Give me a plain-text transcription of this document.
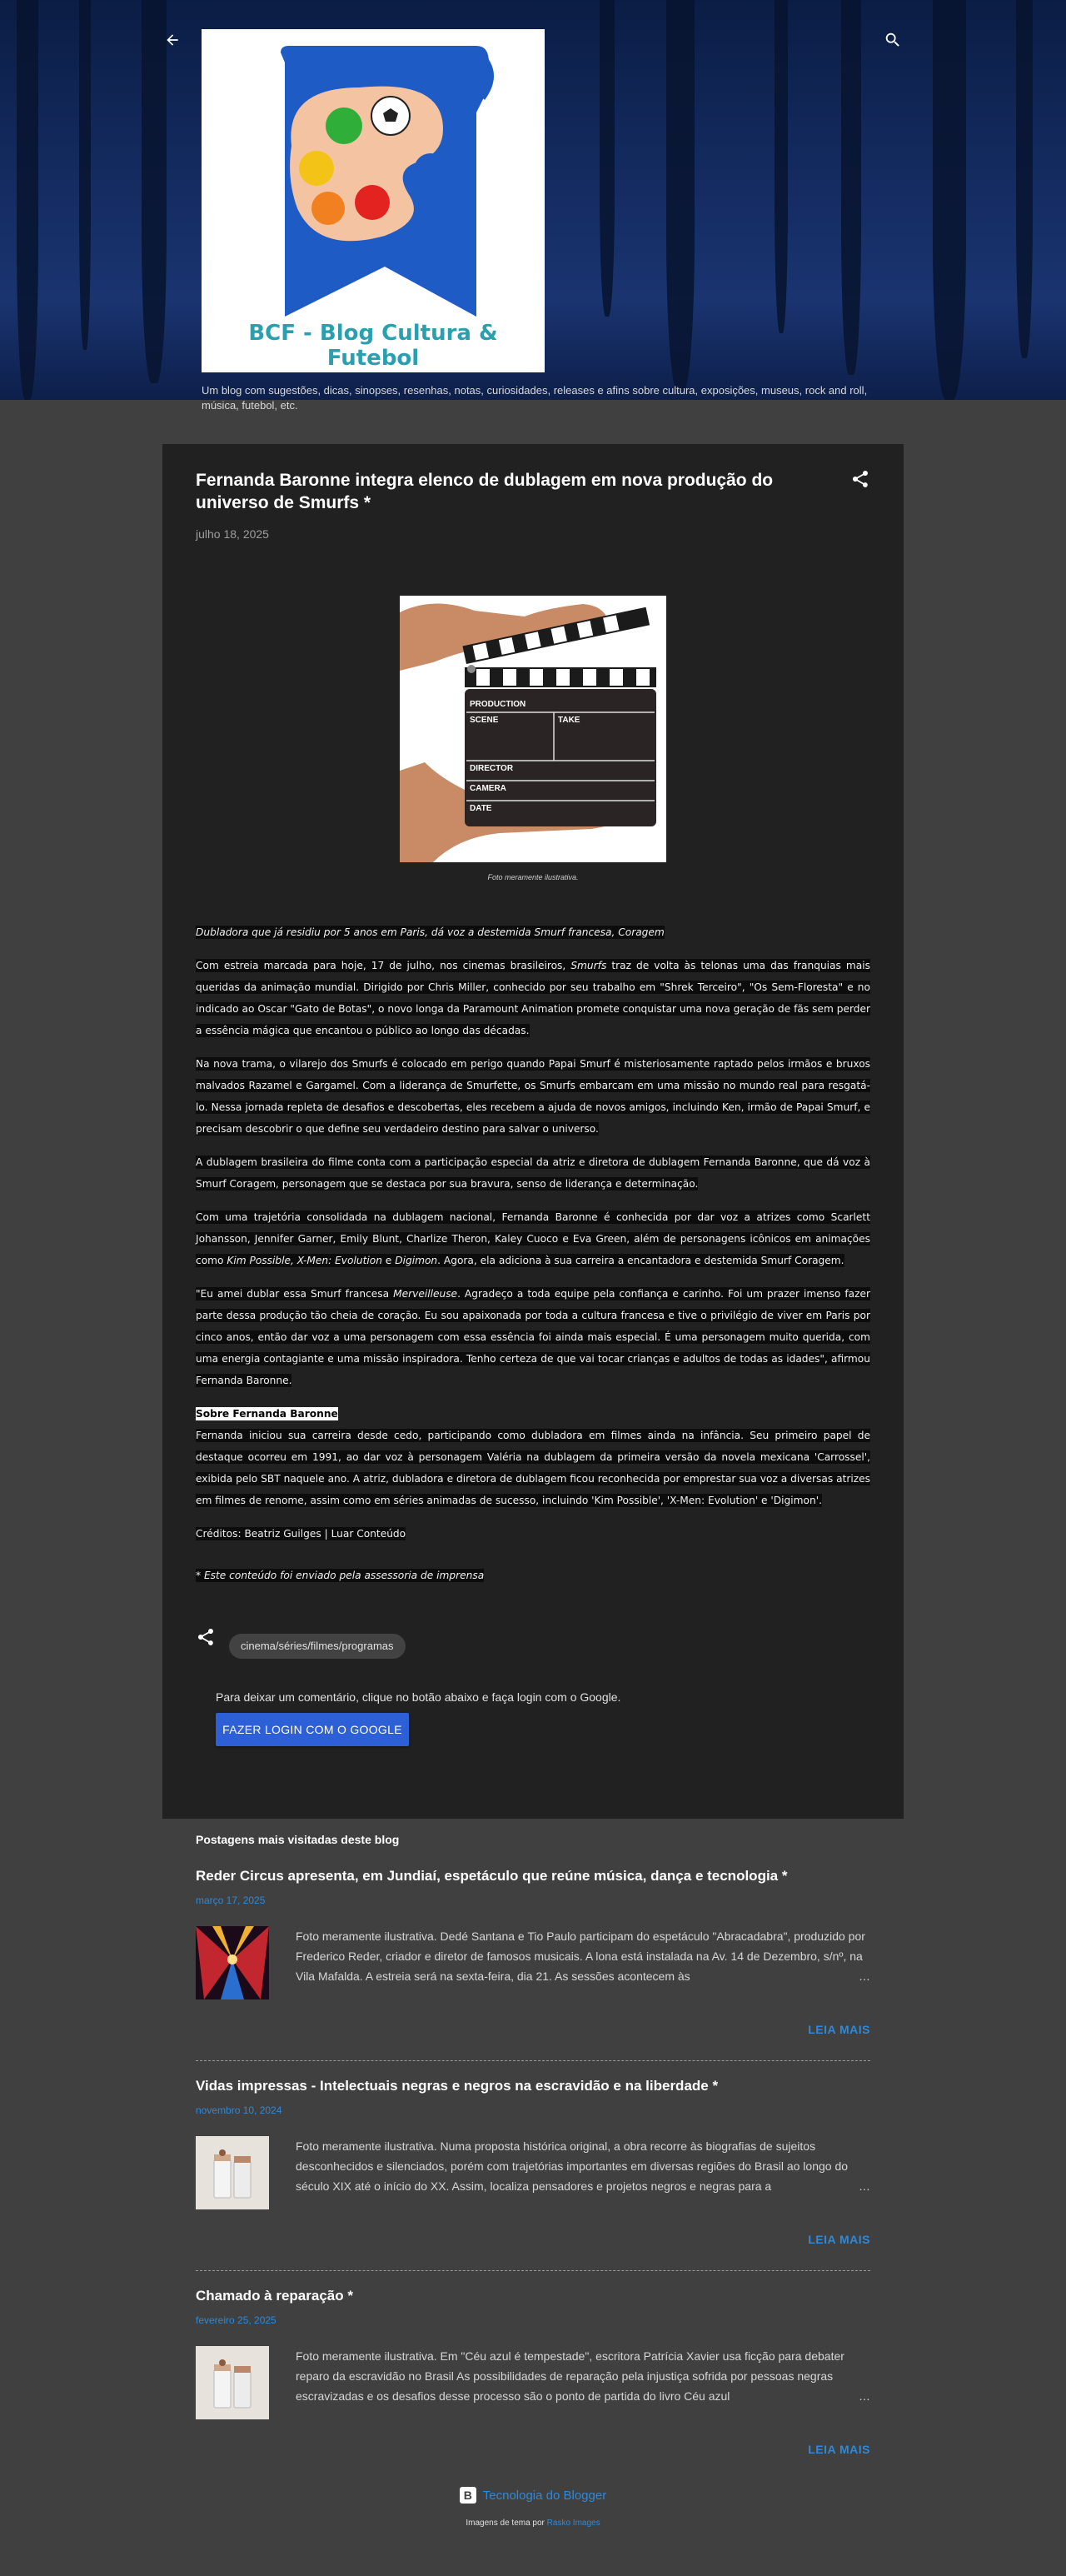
BCF - Blog Cultura & Futebol
Um blog com sugestões, dicas, sinopses, resenhas, notas, curiosidades, releases e afins sobre cultura, exposições, museus, rock and roll, música, futebol, etc.
Fernanda Baronne integra elenco de dublagem em nova produção do universo de Smurfs *
julho 18, 2025
PRODUCTION
SCENE	TAKE
DIRECTOR
CAMERA
DATE
Foto meramente ilustrativa.

Dubladora que já residiu por 5 anos em Paris, dá voz a destemida Smurf francesa, Coragem

Com estreia marcada para hoje, 17 de julho, nos cinemas brasileiros, Smurfs traz de volta às telonas uma das franquias mais queridas da animação mundial. Dirigido por Chris Miller, conhecido por seu trabalho em "Shrek Terceiro", "Os Sem-Floresta" e no indicado ao Oscar "Gato de Botas", o novo longa da Paramount Animation promete conquistar uma nova geração de fãs sem perder a essência mágica que encantou o público ao longo das décadas.

Na nova trama, o vilarejo dos Smurfs é colocado em perigo quando Papai Smurf é misteriosamente raptado pelos irmãos e bruxos malvados Razamel e Gargamel. Com a liderança de Smurfette, os Smurfs embarcam em uma missão no mundo real para resgatá-lo. Nessa jornada repleta de desafios e descobertas, eles recebem a ajuda de novos amigos, incluindo Ken, irmão de Papai Smurf, e precisam descobrir o que define seu verdadeiro destino para salvar o universo.

A dublagem brasileira do filme conta com a participação especial da atriz e diretora de dublagem Fernanda Baronne, que dá voz à Smurf Coragem, personagem que se destaca por sua bravura, senso de liderança e determinação.

Com uma trajetória consolidada na dublagem nacional, Fernanda Baronne é conhecida por dar voz a atrizes como Scarlett Johansson, Jennifer Garner, Emily Blunt, Charlize Theron, Kaley Cuoco e Eva Green, além de personagens icônicos em animações como Kim Possible, X-Men: Evolution e Digimon. Agora, ela adiciona à sua carreira a encantadora e destemida Smurf Coragem.

"Eu amei dublar essa Smurf francesa Merveilleuse. Agradeço a toda equipe pela confiança e carinho. Foi um prazer imenso fazer parte dessa produção tão cheia de coração. Eu sou apaixonada por toda a cultura francesa e tive o privilégio de viver em Paris por cinco anos, então dar voz a uma personagem com essa essência foi ainda mais especial. É uma personagem muito querida, com uma energia contagiante e uma missão inspiradora. Tenho certeza de que vai tocar crianças e adultos de todas as idades", afirmou Fernanda Baronne.

Sobre Fernanda Baronne

Fernanda iniciou sua carreira desde cedo, participando como dubladora em filmes ainda na infância. Seu primeiro papel de destaque ocorreu em 1991, ao dar voz à personagem Valéria na dublagem da primeira versão da novela mexicana 'Carrossel', exibida pelo SBT naquele ano. A atriz, dubladora e diretora de dublagem ficou reconhecida por emprestar sua voz a diversas atrizes em filmes de renome, assim como em séries animadas de sucesso, incluindo 'Kim Possible', 'X-Men: Evolution' e 'Digimon'.

Créditos: Beatriz Guilges | Luar Conteúdo

* Este conteúdo foi enviado pela assessoria de imprensa

cinema/séries/filmes/programas
Para deixar um comentário, clique no botão abaixo e faça login com o Google.
FAZER LOGIN COM O GOOGLE
Postagens mais visitadas deste blog
Reder Circus apresenta, em Jundiaí, espetáculo que reúne música, dança e tecnologia *
março 17, 2025
Foto meramente ilustrativa. Dedé Santana e Tio Paulo participam do espetáculo "Abracadabra", produzido por Frederico Reder, criador e diretor de famosos musicais. A lona está instalada na Av. 14 de Dezembro, s/nº, na Vila Mafalda. A estreia será na sexta-feira, dia 21. As sessões acontecem às …
LEIA MAIS
Vidas impressas - Intelectuais negras e negros na escravidão e na liberdade *
novembro 10, 2024
Foto meramente ilustrativa. Numa proposta histórica original, a obra recorre às biografias de sujeitos desconhecidos e silenciados, porém com trajetórias importantes em diversas regiões do Brasil ao longo do século XIX até o início do XX. Assim, localiza pensadores e projetos negros e negras para a …
LEIA MAIS
Chamado à reparação *
fevereiro 25, 2025
Foto meramente ilustrativa. Em "Céu azul é tempestade", escritora Patrícia Xavier usa ficção para debater reparo da escravidão no Brasil As possibilidades de reparação pela injustiça sofrida por pessoas negras escravizadas e os desafios desse processo são o ponto de partida do livro Céu azul …
LEIA MAIS
B Tecnologia do Blogger
Imagens de tema por Rasko Images
